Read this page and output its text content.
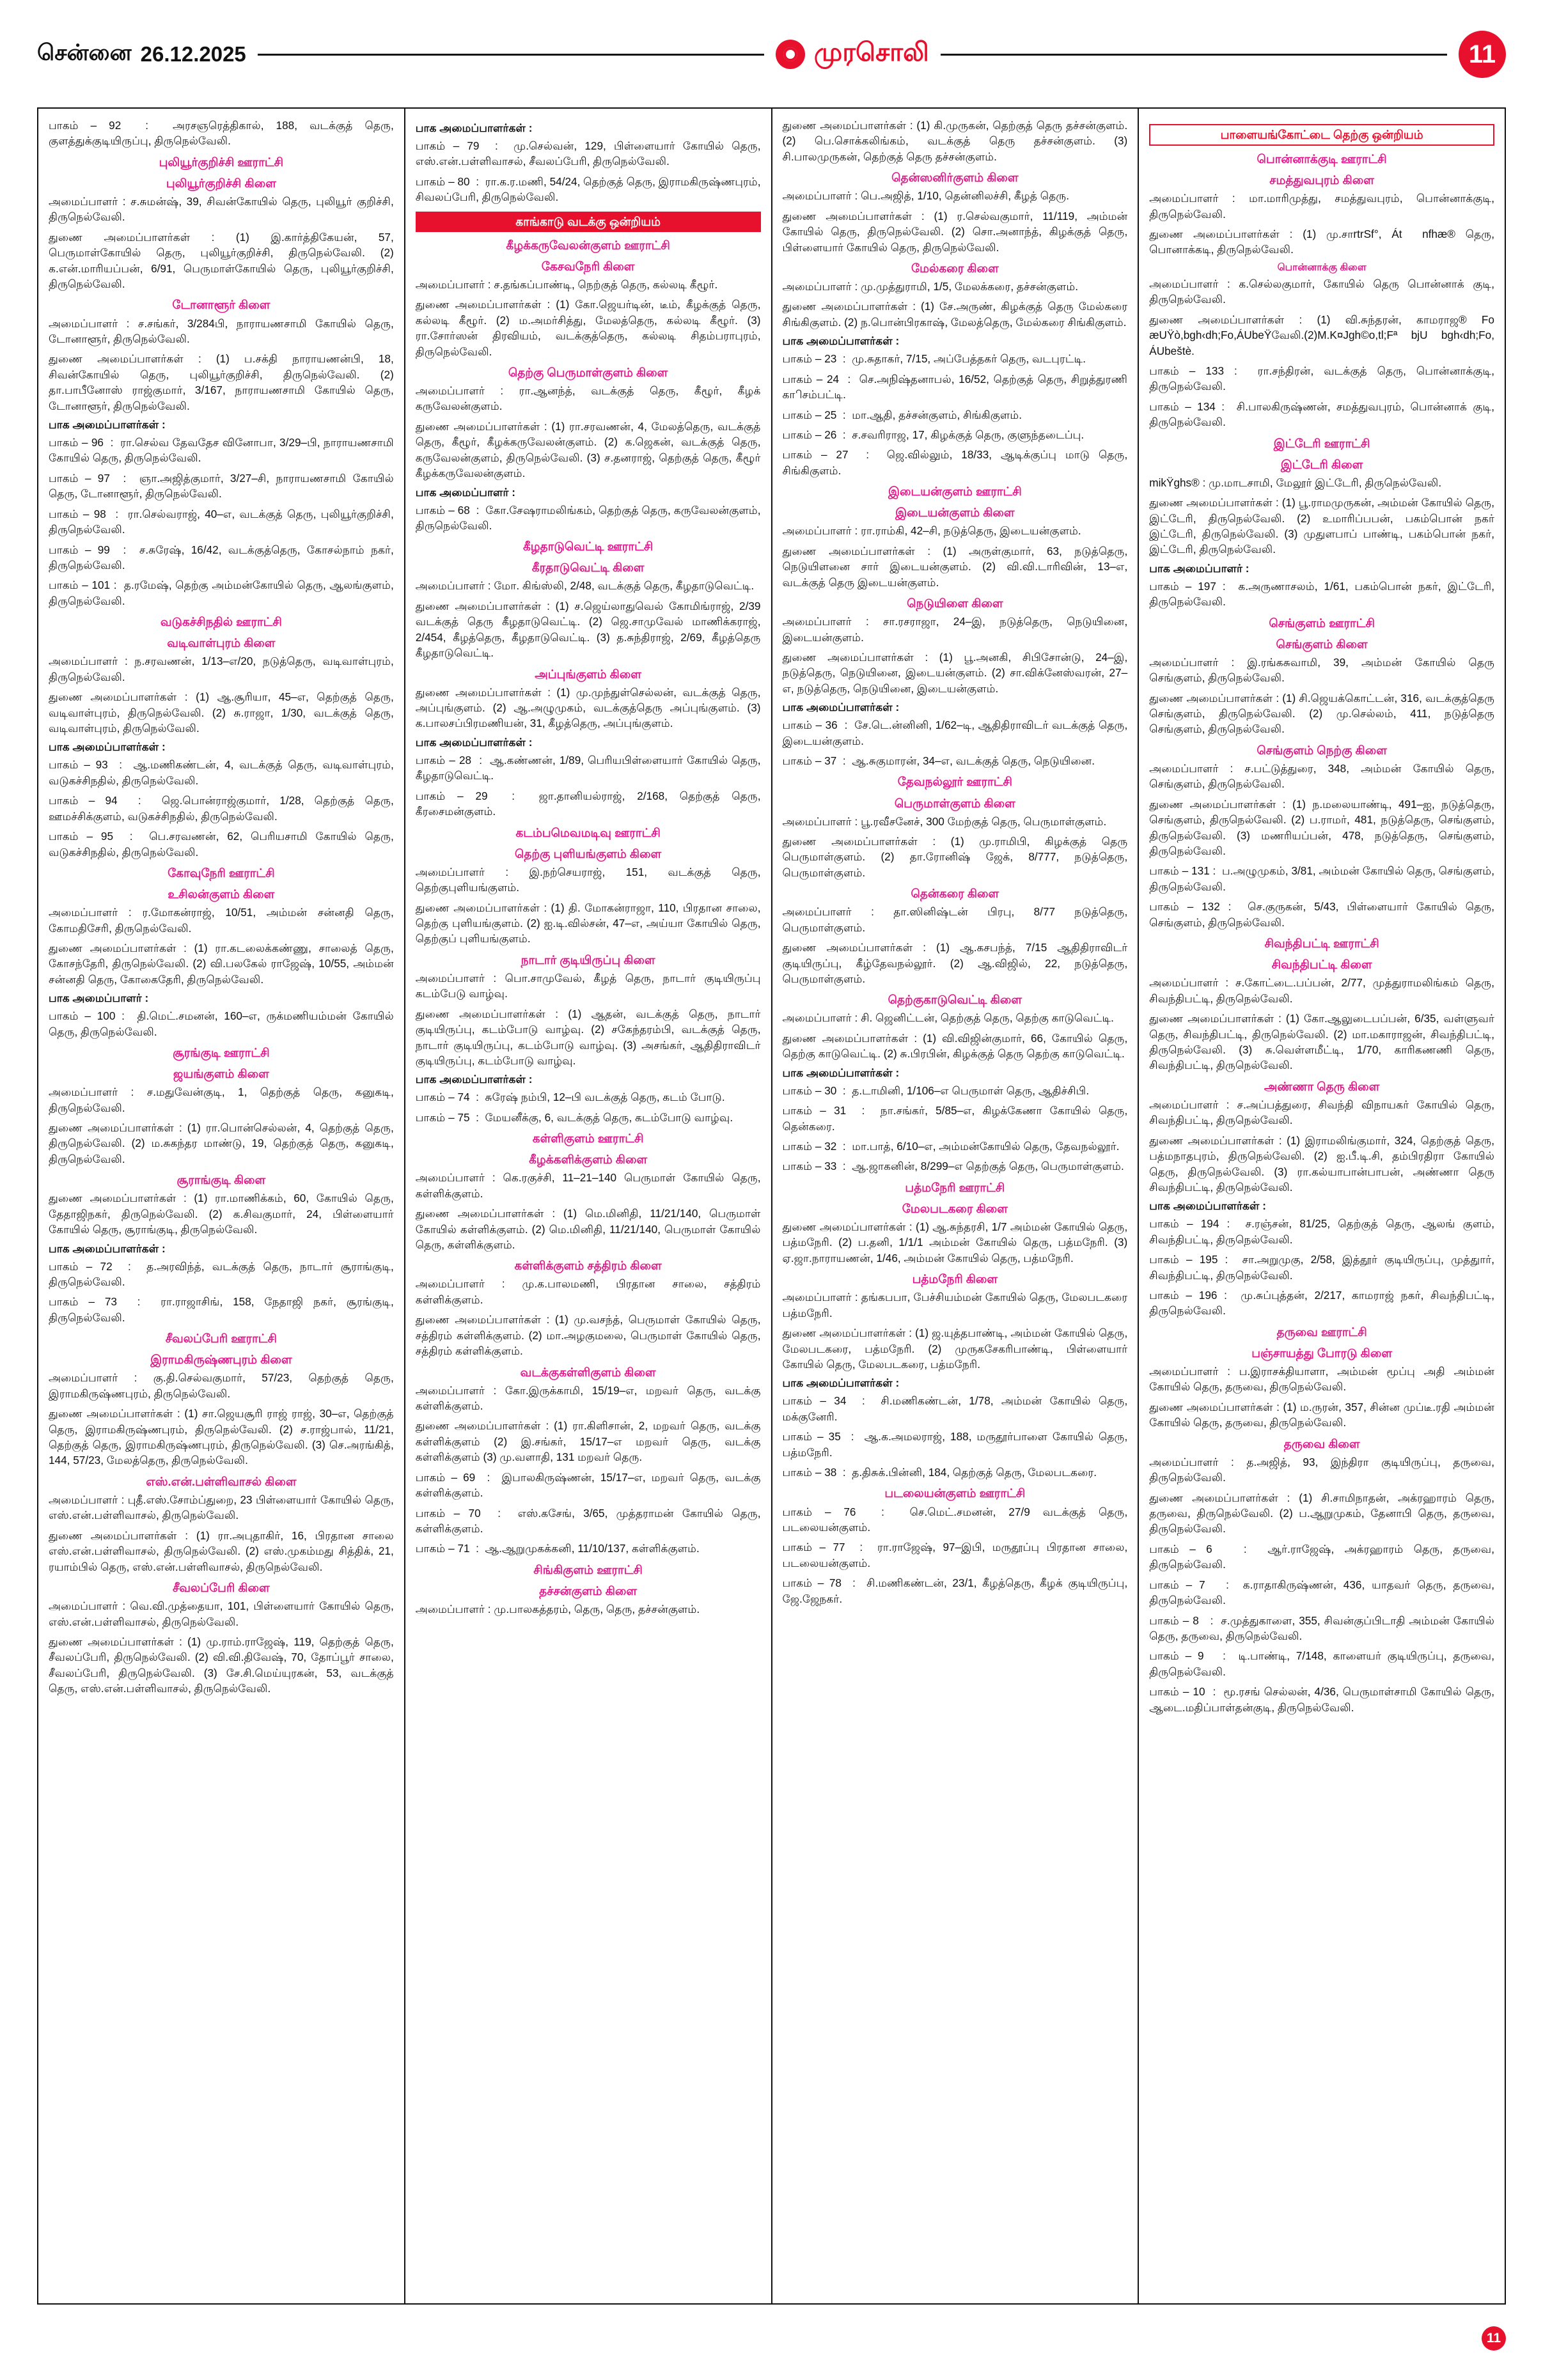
சென்னை 26.12.2025	முரசொலி	11
பாகம் – 92  :  அரசஞரெத்திகால், 188, வடக்குத் தெரு, குளத்துக்குடியிருப்பு, திருநெல்வேலி.
புலியூர்குறிச்சி ஊராட்சி
புலியூர்குறிச்சி கிளை
அமைப்பாளர் : ச.சுமன்ஷ், 39, சிவன்கோயில் தெரு, புலியூர் குறிச்சி, திருநெல்வேலி.
துணை அமைப்பாளர்கள் : (1) இ.கார்த்திகேயன், 57, பெருமாள்கோயில் தெரு, புலியூர்குறிச்சி, திருநெல்வேலி. (2) க.என்.மாரியப்பன், 6/91, பெருமாள்கோயில் தெரு, புலியூர்குறிச்சி, திருநெல்வேலி.
டோனாளூர் கிளை
அமைப்பாளர் : ச.சங்கர், 3/284பி, நாராயணசாமி கோயில் தெரு, டோனாளூர், திருநெல்வேலி.
துணை அமைப்பாளர்கள் : (1) ப.சக்தி நாராயணன்பி, 18, சிவன்கோயில் தெரு, புலியூர்குறிச்சி, திருநெல்வேலி. (2) தா.பாபீனோஸ் ராஜ்குமார், 3/167, நாராயணசாமி கோயில் தெரு, டோனாளூர், திருநெல்வேலி.
பாக அமைப்பாளர்கள் :
பாகம் – 96  :  ரா.செல்வ தேவதேச வினோபா, 3/29–பி, நாராயணசாமி கோயில் தெரு, திருநெல்வேலி.
பாகம் – 97  :  ஞா.அஜித்குமார், 3/27–சி, நாராயணசாமி கோயில் தெரு, டோனாளூர், திருநெல்வேலி.
பாகம் – 98  :  ரா.செல்வராஜ், 40–எ, வடக்குத் தெரு, புலியூர்குறிச்சி, திருநெல்வேலி.
பாகம் – 99  :  ச.சுரேஷ், 16/42, வடக்குத்தெரு, கோசல்நாம் நகர், திருநெல்வேலி.
பாகம் – 101 :  த.ரமேஷ், தெற்கு அம்மன்கோயில் தெரு, ஆலங்குளம், திருநெல்வேலி.
வடுகச்சிநதில் ஊராட்சி
வடிவாள்புரம் கிளை
அமைப்பாளர் : ந.சரவணன், 1/13–எ/20, நடுத்தெரு, வடிவாள்புரம், திருநெல்வேலி.
துணை அமைப்பாளர்கள் : (1) ஆ.சூரியா, 45–எ, தெற்குத் தெரு, வடிவாள்புரம், திருநெல்வேலி. (2) சு.ராஜா, 1/30, வடக்குத் தெரு, வடிவாள்புரம், திருநெல்வேலி.
பாக அமைப்பாளர்கள் :
பாகம் – 93  :  ஆ.மணிகண்டன், 4, வடக்குத் தெரு, வடிவாள்புரம், வடுகச்சிநதில், திருநெல்வேலி.
பாகம் – 94  :  ஜெ.பொன்ராஜ்குமார், 1/28, தெற்குத் தெரு, ஊமச்சிக்குளம், வடுகச்சிநதில், திருநெல்வேலி.
பாகம் – 95  :  பெ.சரவணன், 62, பெரியசாமி கோயில் தெரு, வடுகச்சிநதில், திருநெல்வேலி.
கோவுநேரி ஊராட்சி
உசிலன்குளம் கிளை
அமைப்பாளர் : ர.மோகன்ராஜ், 10/51, அம்மன் சன்னதி தெரு, கோமதிசேரி, திருநெல்வேலி.
துணை அமைப்பாளர்கள் : (1) ரா.கடலைக்கண்ணு, சாலைத் தெரு, கோசந்தேரி, திருநெல்வேலி. (2) வி.பலகேல் ராஜேஷ், 10/55, அம்மன் சன்னதி தெரு, கோகைதேரி, திருநெல்வேலி.
பாக அமைப்பாளர் :
பாகம் – 100 :  தி.மெட்.சமனன், 160–எ, ருக்மணியம்மன் கோயில் தெரு, திருநெல்வேலி.
சூரங்குடி ஊராட்சி
ஜயங்குளம் கிளை
அமைப்பாளர் : ச.மதுவேன்குடி, 1, தெற்குத் தெரு, கனுகடி, திருநெல்வேலி.
துணை அமைப்பாளர்கள் : (1) ரா.பொன்செல்லன், 4, தெற்குத் தெரு, திருநெல்வேலி. (2) ம.சுகந்தர மாண்டு, 19, தெற்குத் தெரு, கனுகடி, திருநெல்வேலி.
சூராங்குடி கிளை
துணை அமைப்பாளர்கள் : (1) ரா.மாணிக்கம், 60, கோயில் தெரு, தேதாஜிநகர், திருநெல்வேலி. (2) க.சிவகுமார், 24, பிள்ளையார் கோயில் தெரு, சூராங்குடி, திருநெல்வேலி.
பாக அமைப்பாளர்கள் :
பாகம் – 72  :  த.அரவிந்த், வடக்குத் தெரு, நாடார் சூராங்குடி, திருநெல்வேலி.
பாகம் – 73  :  ரா.ராஜாசிங், 158, நேதாஜி நகர், சூரங்குடி, திருநெல்வேலி.
சீவலப்பேரி ஊராட்சி
இராமகிருஷ்ணபுரம் கிளை
அமைப்பாளர் : கு.தி.செல்வகுமார், 57/23, தெற்குத் தெரு, இராமகிருஷ்ணபுரம், திருநெல்வேலி.
துணை அமைப்பாளர்கள் : (1) சா.ஜெயசூரி ராஜ் ராஜ், 30–எ, தெற்குத் தெரு, இராமகிருஷ்ணபுரம், திருநெல்வேலி. (2) ச.ராஜ்பால், 11/21, தெற்குத் தெரு, இராமகிருஷ்ணபுரம், திருநெல்வேலி. (3) செ.அரங்கித், 144, 57/23, மேலத்தெரு, திருநெல்வேலி.
எஸ்.என்.பள்ளிவாசல் கிளை
அமைப்பாளர் : புதீ.எஸ்.சோம்ப்துறை, 23 பிள்ளையார் கோயில் தெரு, எஸ்.என்.பள்ளிவாசல், திருநெல்வேலி.
துணை அமைப்பாளர்கள் : (1) ரா.அபுதாகிர், 16, பிரதான சாலை எஸ்.என்.பள்ளிவாசல், திருநெல்வேலி. (2) எஸ்.முகம்மது சித்திக், 21, ரயாம்பில் தெரு, எஸ்.என்.பள்ளிவாசல், திருநெல்வேலி.
சீவலப்பேரி கிளை
அமைப்பாளர் : வெ.வி.முத்தையா, 101, பிள்ளையார் கோயில் தெரு, எஸ்.என்.பள்ளிவாசல், திருநெல்வேலி.
துணை அமைப்பாளர்கள் : (1) மு.ராம்.ராஜேஷ், 119, தெற்குத் தெரு, சீவலப்பேரி, திருநெல்வேலி. (2) வி.வி.திவேஷ், 70, தோப்பூர் சாலை, சீவலப்பேரி, திருநெல்வேலி. (3) சே.சி.மெய்யுரகன், 53, வடக்குத் தெரு, எஸ்.என்.பள்ளிவாசல், திருநெல்வேலி.
பாக அமைப்பாளர்கள் :
பாகம் – 79  :  மு.செல்வன், 129, பிள்ளையார் கோயில் தெரு, எஸ்.என்.பள்ளிவாசல், சீவலப்பேரி, திருநெல்வேலி.
பாகம் – 80  :  ரா.க.ர.மணி, 54/24, தெற்குத் தெரு, இராமகிருஷ்ணபுரம், சிவலப்பேரி, திருநெல்வேலி.
காங்காடு வடக்கு ஒன்றியம்
கீழக்கருவேலன்குளம் ஊராட்சி
கேசவநேரி கிளை
அமைப்பாளர் : ச.தங்கப்பாண்டி, நெற்குத் தெரு, கல்லடி கீழூர்.
துணை அமைப்பாளர்கள் : (1) கோ.ஜெயர்டின், டீம், கீழக்குத் தெரு, கல்லடி கீழூர். (2) ம.அமர்சித்து, மேலத்தெரு, கல்லடி கீழூர். (3) ரா.சோர்ஸன் திரவியம், வடக்குத்தெரு, கல்லடி சிதம்பராபுரம், திருநெல்வேலி.
தெற்கு பெருமாள்குளம் கிளை
அமைப்பாளர் : ரா.ஆனந்த், வடக்குத் தெரு, கீழூர், கீழக் கருவேலன்குளம்.
துணை அமைப்பாளர்கள் : (1) ரா.சரவணன், 4, மேலத்தெரு, வடக்குத் தெரு, கீழூர், கீழக்கருவேலன்குளம். (2) க.ஜெகன், வடக்குத் தெரு, கருவேலன்குளம், திருநெல்வேலி. (3) ச.தனராஜ், தெற்குத் தெரு, கீழூர் கீழக்கருவேலன்குளம்.
பாக அமைப்பாளர் :
பாகம் – 68  :  கோ.சேஷராமலிங்கம், தெற்குத் தெரு, கருவேலன்குளம், திருநெல்வேலி.
கீழதாடுவெட்டி ஊராட்சி
கீரதாடுவெட்டி கிளை
அமைப்பாளர் : மோ. கிங்ஸ்லி, 2/48, வடக்குத் தெரு, கீழதாடுவெட்டி.
துணை அமைப்பாளர்கள் : (1) ச.ஜெய்லாதுவெல் கோமிங்ராஜ், 2/39 வடக்குத் தெரு கீழதாடுவெட்டி. (2) ஜெ.சாமுவேல் மாணிக்கராஜ், 2/454, கீழத்தெரு, கீழதாடுவெட்டி. (3) த.சுந்திராஜ், 2/69, கீழத்தெரு கீழதாடுவெட்டி.
அப்புங்குளம் கிளை
துணை அமைப்பாளர்கள் : (1) மு.முந்துள்செல்லன், வடக்குத் தெரு, அப்புங்குளம். (2) ஆ.அழுமுகம், வடக்குத்தெரு அப்புங்குளம். (3) க.பாலசப்பிரமணியன், 31, கீழத்தெரு, அப்புங்குளம்.
பாக அமைப்பாளர்கள் :
பாகம் – 28  :  ஆ.கண்ணன், 1/89, பெரியபிள்ளையார் கோயில் தெரு, கீழதாடுவெட்டி.
பாகம் – 29  :  ஜா.தானியல்ராஜ், 2/168, தெற்குத் தெரு, கீரசைமன்குளம்.
கடம்பமெவமடிவு ஊராட்சி
தெற்கு புளியங்குளம் கிளை
அமைப்பாளர் : இ.நற்செயராஜ், 151, வடக்குத் தெரு, தெற்குபுளியங்குளம்.
துணை அமைப்பாளர்கள் : (1) தி. மோகன்ராஜா, 110, பிரதான சாலை, தெற்கு புளியங்குளம். (2) ஐ.டி.வில்சன், 47–எ, அய்யா கோயில் தெரு, தெற்குப் புளியங்குளம்.
நாடார் குடியிருப்பு கிளை
அமைப்பாளர் : பொ.சாமுவேல், கீழத் தெரு, நாடார் குடியிருப்பு கடம்பேடு வாழ்வு.
துணை அமைப்பாளர்கள் : (1) ஆதன், வடக்குத் தெரு, நாடார் குடியிருப்பு, கடம்போடு வாழ்வு. (2) சகேந்தரம்பி, வடக்குத் தெரு, நாடார் குடியிருப்பு, கடம்போடு வாழ்வு. (3) அசங்கர், ஆதிதிராவிடர் குடியிருப்பு, கடம்போடு வாழ்வு.
பாக அமைப்பாளர்கள் :
பாகம் – 74  :  சுரேஷ் நம்பி, 12–பி வடக்குத் தெரு, கடம் போடு.
பாகம் – 75  :  மேயனீக்கு, 6, வடக்குத் தெரு, கடம்போடு வாழ்வு.
கள்ளிகுளம் ஊராட்சி
கீழக்களிக்குளம் கிளை
அமைப்பாளர் : கெ.ரகுச்சி, 11–21–140 பெருமாள் கோயில் தெரு, கள்ளிக்குளம்.
துணை அமைப்பாளர்கள் : (1) மெ.மினிதி, 11/21/140, பெருமாள் கோயில் கள்ளிக்குளம். (2) மெ.மினிதி, 11/21/140, பெருமாள் கோயில் தெரு, கள்ளிக்குளம்.
கள்ளிக்குளம் சத்திரம் கிளை
அமைப்பாளர் : மு.க.பாலமணி, பிரதான சாலை, சத்திரம் கள்ளிக்குளம்.
துணை அமைப்பாளர்கள் : (1) மு.வசந்த், பெருமாள் கோயில் தெரு, சத்திரம் கள்ளிக்குளம். (2) மா.அழகுமலை, பெருமாள் கோயில் தெரு, சத்திரம் கள்ளிக்குளம்.
வடக்குகள்ளிகுளம் கிளை
அமைப்பாளர் : கோ.இருக்காமி, 15/19–எ, மறவர் தெரு, வடக்கு கள்ளிக்குளம்.
துணை அமைப்பாளர்கள் : (1) ரா.கிளிசான், 2, மறவர் தெரு, வடக்கு கள்ளிக்குளம் (2) இ.சங்கர், 15/17–எ மறவர் தெரு, வடக்கு கள்ளிக்குளம் (3) மு.வளாதி, 131 மறவர் தெரு.
பாகம் – 69  :  இபாலகிருஷ்ணன், 15/17–எ, மறவர் தெரு, வடக்கு கள்ளிக்குளம்.
பாகம் – 70  :  எஸ்.கசேங், 3/65, முத்தராமன் கோயில் தெரு, கள்ளிக்குளம்.
பாகம் – 71  :  ஆ.ஆறுமுகக்கனி, 11/10/137, கள்ளிக்குளம்.
சிங்கிகுளம் ஊராட்சி
தச்சன்குளம் கிளை
அமைப்பாளர் : மு.பாலகத்தரம், தெரு, தெரு, தச்சன்குளம்.
துணை அமைப்பாளர்கள் : (1) கி.முருகன், தெற்குத் தெரு தச்சன்குளம். (2) பெ.சொக்கலிங்கம், வடக்குத் தெரு தச்சன்குளம். (3) சி.பாலமுருகன், தெற்குத் தெரு தச்சன்குளம்.
தென்ஸனிர்குளம் கிளை
அமைப்பாளர் : பெ.அஜித், 1/10, தென்னிலச்சி, கீழத் தெரு.
துணை அமைப்பாளர்கள் : (1) ர.செல்வகுமார், 11/119, அம்மன் கோயில் தெரு, திருநெல்வேலி. (2) சொ.அனாந்த், கிழக்குத் தெரு, பிள்ளையார் கோயில் தெரு, திருநெல்வேலி.
மேல்கரை கிளை
அமைப்பாளர் : மு.முத்துராமி, 1/5, மேலக்கரை, தச்சன்குளம்.
துணை அமைப்பாளர்கள் : (1) சே.அருண், கிழக்குத் தெரு மேல்கரை சிங்கிகுளம். (2) ந.பொன்பிரகாஷ், மேலத்தெரு, மேல்கரை சிங்கிகுளம்.
பாக அமைப்பாளர்கள் :
பாகம் – 23  :  மு.சுதாகர், 7/15, அப்பேத்தகர் தெரு, வடபுரட்டி.
பாகம் – 24  :  செ.அநிஷ்தனாபல், 16/52, தெற்குத் தெரு, சிறுத்துரணி காிசம்பட்டி.
பாகம் – 25  :  மா.ஆதி, தச்சன்குளம், சிங்கிகுளம்.
பாகம் – 26  :  ச.சவரிராஜ, 17, கிழக்குத் தெரு, குளுந்தடைப்பு.
பாகம் – 27  :  ஜெ.வில்லும், 18/33, ஆடிக்குப்பு மாடு தெரு, சிங்கிகுளம்.
இடையன்குளம் ஊராட்சி
இடையன்குளம் கிளை
அமைப்பாளர் : ரா.ராம்கி, 42–சி, நடுத்தெரு, இடையன்குளம்.
துணை அமைப்பாளர்கள் : (1) அருள்குமார், 63, நடுத்தெரு, நெடுயிளனை சார் இடையன்குளம். (2) வி.வி.டாரிவின், 13–எ, வடக்குத் தெரு இடையன்குளம்.
நெடுயிளை கிளை
அமைப்பாளர் : சா.ரசராஜா, 24–இ, நடுத்தெரு, நெடுயினை, இடையன்குளம்.
துணை அமைப்பாளர்கள் : (1) பூ.அனகி, சிபிசோன்டு, 24–இ, நடுத்தெரு, நெடுயினை, இடையன்குளம். (2) சா.விக்னேஸ்வரன், 27–எ, நடுத்தெரு, நெடுயினை, இடையன்குளம்.
பாக அமைப்பாளர்கள் :
பாகம் – 36  :  சே.டெ.ன்னினி, 1/62–டி, ஆதிதிராவிடர் வடக்குத் தெரு, இடையன்குளம்.
பாகம் – 37  :  ஆ.சுகுமாரன், 34–எ, வடக்குத் தெரு, நெடுயினை.
தேவநல்லூர் ஊராட்சி
பெருமாள்குளம் கிளை
அமைப்பாளர் : பூ.ரவீசனேச், 300 மேற்குத் தெரு, பெருமாள்குளம்.
துணை அமைப்பாளர்கள் : (1) மு.ராமிபி, கிழக்குத் தெரு பெருமாள்குளம். (2) தா.ரோனிஷ் ஜேக், 8/777, நடுத்தெரு, பெருமாள்குளம்.
தென்கரை கிளை
அமைப்பாளர் : தா.ஸினிஷ்டன் பிரபு, 8/77 நடுத்தெரு, பெருமாள்குளம்.
துணை அமைப்பாளர்கள் : (1) ஆ.கசபந்த், 7/15 ஆதிதிராவிடர் குடியிருப்பு, கீழ்தேவநல்லூர். (2) ஆ.விஜில், 22, நடுத்தெரு, பெருமாள்குளம்.
தெற்குகாடுவெட்டி கிளை
அமைப்பாளர் : சி. ஜெனிட்டன், தெற்குத் தெரு, தெற்கு காடுவெட்டி.
துணை அமைப்பாளர்கள் : (1) வி.விஜின்குமார், 66, கோயில் தெரு, தெற்கு காடுவெட்டி. (2) சு.பிரபின், கிழக்குத் தெரு தெற்கு காடுவெட்டி.
பாக அமைப்பாளர்கள் :
பாகம் – 30  :  த.டாமினி, 1/106–எ பெருமாள் தெரு, ஆதிச்சிபி.
பாகம் – 31  :  நா.சங்கர், 5/85–எ, கிழக்கேணா கோயில் தெரு, தென்கரை.
பாகம் – 32  :  மா.பாத், 6/10–எ, அம்மன்கோயில் தெரு, தேவநல்லூர்.
பாகம் – 33  :  ஆ.ஜாகனின், 8/299–எ தெற்குத் தெரு, பெருமாள்குளம்.
பத்மநேரி ஊராட்சி
மேலபடகரை கிளை
துணை அமைப்பாளர்கள் : (1) ஆ.சுந்தரசி, 1/7 அம்மன் கோயில் தெரு, பத்மநேரி. (2) ப.தனி, 1/1/1 அம்மன் கோயில் தெரு, பத்மநேரி. (3) ஏ.ஜா.நாராயணன், 1/46, அம்மன் கோயில் தெரு, பத்மநேரி.
பத்மநேரி கிளை
அமைப்பாளர் : தங்கபபா, பேச்சியம்மன் கோயில் தெரு, மேலபடகரை பத்மநேரி.
துணை அமைப்பாளர்கள் : (1) ஜ.யுத்தபாண்டி, அம்மன் கோயில் தெரு, மேலபடகரை, பத்மநேரி. (2) முருகசேகரிபாண்டி, பிள்ளையார் கோயில் தெரு, மேலபடகரை, பத்மநேரி.
பாக அமைப்பாளர்கள் :
பாகம் – 34  :  சி.மணிகண்டன், 1/78, அம்மன் கோயில் தெரு, மக்குனேரி.
பாகம் – 35  :  ஆ.க.அமலராஜ், 188, மருதூர்பாளை கோயில் தெரு, பத்மநேரி.
பாகம் – 38  :  த.திசுக்.பின்னி, 184, தெற்குத் தெரு, மேலபடகரை.
படலையன்குளம் ஊராட்சி
பாகம் – 76  :  செ.மெட்.சமனன், 27/9 வடக்குத் தெரு, படலையன்குளம்.
பாகம் – 77  :  ரா.ராஜேஷ், 97–இபி, மருதூப்பு பிரதான சாலை, படலையன்குளம்.
பாகம் – 78  :  சி.மணிகண்டன், 23/1, கீழத்தெரு, கீழக் குடியிருப்பு, ஜே.ஜேநகர்.
பாளையங்கோட்டை தெற்கு ஒன்றியம்
பொன்னாக்குடி ஊராட்சி
சமத்துவபுரம் கிளை
அமைப்பாளர் : மா.மாரிமுத்து, சமத்துவபுரம், பொன்னாக்குடி, திருநெல்வேலி.
துணை அமைப்பாளர்கள் : (1) மு.சாrtrSf°, Át  nfhæ® தெரு, பொனாக்கடி, திருநெல்வேலி.
பொன்னாக்கு கிளை
அமைப்பாளர் : க.செல்லகுமார், கோயில் தெரு பொன்னாக் குடி, திருநெல்வேலி.
துணை அமைப்பாளர்கள் : (1) வி.சுந்தரன், காமராஜ® Fo æUŸò,bgh‹dh;Fo,ÁUbeŸவேலி.(2)M.K¤Jgh©o,tl;Fª bjU bgh‹dh;Fo, ÁUbeštè.
பாகம் – 133 :  ரா.சந்திரன், வடக்குத் தெரு, பொன்னாக்குடி, திருநெல்வேலி.
பாகம் – 134 :  சி.பாலகிருஷ்ணன், சமத்துவபுரம், பொன்னாக் குடி, திருநெல்வேலி.
இட்டேரி ஊராட்சி
இட்டேரி கிளை
mikŸghs® : மு.மாடசாமி, மேலூர் இட்டேரி, திருநெல்வேலி.
துணை அமைப்பாளர்கள் : (1) பூ.ராமமுருகன், அம்மன் கோயில் தெரு, இட்டேரி, திருநெல்வேலி. (2) உமாரிப்பபன், பகம்பொன் நகர் இட்டேரி, திருநெல்வேலி. (3) முதுளபாப் பாண்டி, பகம்பொன் நகர், இட்டேரி, திருநெல்வேலி.
பாக அமைப்பாளர் :
பாகம் – 197 :  க.அருணாசலம், 1/61, பகம்பொன் நகர், இட்டேரி, திருநெல்வேலி.
செங்குளம் ஊராட்சி
செங்குளம் கிளை
அமைப்பாளர் : இ.ரங்கசுவாமி, 39, அம்மன் கோயில் தெரு செங்குளம், திருநெல்வேலி.
துணை அமைப்பாளர்கள் : (1) சி.ஜெயக்கொட்டன், 316, வடக்குத்தெரு செங்குளம், திருநெல்வேலி. (2) மு.செல்லம், 411, நடுத்தெரு செங்குளம், திருநெல்வேலி.
செங்குளம் நெற்கு கிளை
அமைப்பாளர் : ச.பட்டுத்துரை, 348, அம்மன் கோயில் தெரு, செங்குளம், திருநெல்வேலி.
துணை அமைப்பாளர்கள் : (1) ந.மலையாண்டி, 491–ஐ, நடுத்தெரு, செங்குளம், திருநெல்வேலி. (2) ப.ராமர், 481, நடுத்தெரு, செங்குளம், திருநெல்வேலி. (3) மணரியப்பன், 478, நடுத்தெரு, செங்குளம், திருநெல்வேலி.
பாகம் – 131 :  ப.அழுமுகம், 3/81, அம்மன் கோயில் தெரு, செங்குளம், திருநெல்வேலி.
பாகம் – 132 :  செ.குருகன், 5/43, பிள்ளையார் கோயில் தெரு, செங்குளம், திருநெல்வேலி.
சிவந்திபட்டி ஊராட்சி
சிவந்திபட்டி கிளை
அமைப்பாளர் : ச.கோட்டை.பப்பன், 2/77, முத்துராமலிங்கம் தெரு, சிவந்திபட்டி, திருநெல்வேலி.
துணை அமைப்பாளர்கள் : (1) கோ.ஆலுடைபப்பன், 6/35, வள்ளுவர் தெரு, சிவந்திபட்டி, திருநெல்வேலி. (2) மா.மகாராஜன், சிவந்திபட்டி, திருநெல்வேலி. (3) சு.வெள்ளமீட்டி, 1/70, காரிகணணி தெரு, சிவந்திபட்டி, திருநெல்வேலி.
அண்ணா தெரு கிளை
அமைப்பாளர் : ச.அப்பத்துரை, சிவந்தி விநாயகர் கோயில் தெரு, சிவந்திபட்டி, திருநெல்வேலி.
துணை அமைப்பாளர்கள் : (1) இராமலிங்குமார், 324, தெற்குத் தெரு, பத்மநாதபுரம், திருநெல்வேலி. (2) ஐ.பீ.டி.சி, தம்பிரதிரா கோயில் தெரு, திருநெல்வேலி. (3) ரா.கல்யாபான்பாபன், அண்ணா தெரு சிவந்திபட்டி, திருநெல்வேலி.
பாக அமைப்பாளர்கள் :
பாகம் – 194 :  ச.ரஞ்சன், 81/25, தெற்குத் தெரு, ஆலங் குளம், சிவந்திபட்டி, திருநெல்வேலி.
பாகம் – 195 :  சா.அறுமுகு, 2/58, இத்தூர் குடியிருப்பு, முத்துார், சிவந்திபட்டி, திருநெல்வேலி.
பாகம் – 196 :  மு.சுப்புத்தன், 2/217, காமராஜ் நகர், சிவந்திபட்டி, திருநெல்வேலி.
தருவை ஊராட்சி
பஞ்சாயத்து போரடு கிளை
அமைப்பாளர் : ப.இராசக்தியாளா, அம்மன் மூப்பு அதி அம்மன் கோயில் தெரு, தருவை, திருநெல்வேலி.
துணை அமைப்பாளர்கள் : (1) ம.ருரன், 357, சின்ன முப்டீ.ரதி அம்மன் கோயில் தெரு, தருவை, திருநெல்வேலி.
தருவை கிளை
அமைப்பாளர் : த.அஜித், 93, இந்திரா குடியிருப்பு, தருவை, திருநெல்வேலி.
துணை அமைப்பாளர்கள் : (1) சி.சாமிநாதன், அக்ரஹாரம் தெரு, தருவை, திருநெல்வேலி. (2) ப.ஆறுமுகம், தேனாபி தெரு, தருவை, திருநெல்வேலி.
பாகம் – 6   :  ஆர்.ராஜேஷ், அக்ரஹாரம் தெரு, தருவை, திருநெல்வேலி.
பாகம் – 7   :  க.ராதாகிருஷ்ணன், 436, யாதவர் தெரு, தருவை, திருநெல்வேலி.
பாகம் – 8   :  ச.முத்துகாளை, 355, சிவன்குப்பிடாதி அம்மன் கோயில் தெரு, தருவை, திருநெல்வேலி.
பாகம் – 9   :  டி.பாண்டி, 7/148, காளையர் குடியிருப்பு, தருவை, திருநெல்வேலி.
பாகம் – 10  :  மூ.ரசங் செல்லன், 4/36, பெருமாள்சாமி கோயில் தெரு, ஆடை.மதிப்பாள்தன்குடி, திருநெல்வேலி.
11
